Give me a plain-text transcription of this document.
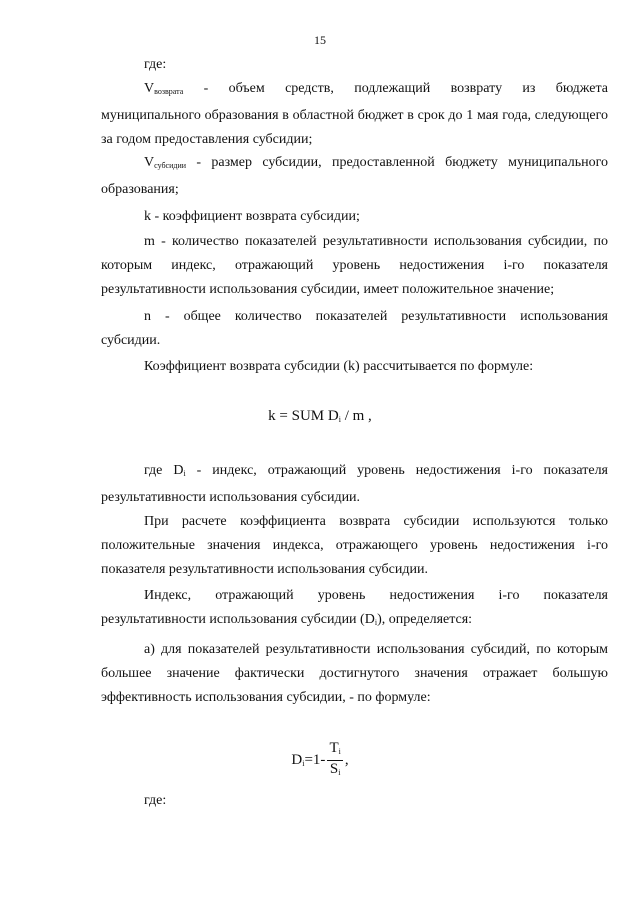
15
где:
$V_{возврата}$ - объем средств, подлежащий возврату из бюджета
муниципального образования в областной бюджет в срок до 1 мая года, следующего за годом предоставления субсидии;
$V_{субсидии}$ - размер субсидии, предоставленной бюджету муниципального
образования;
k - коэффициент возврата субсидии;
m - количество показателей результативности использования субсидии, по которым индекс, отражающий уровень недостижения i-го показателя результативности использования субсидии, имеет положительное значение;
n - общее количество показателей результативности использования субсидии.
Коэффициент возврата субсидии (k) рассчитывается по формуле:
k = SUM $D_i$ / m ,
где $D_i$ - индекс, отражающий уровень недостижения i-го показателя
результативности использования субсидии.
При расчете коэффициента возврата субсидии используются только положительные значения индекса, отражающего уровень недостижения i-го показателя результативности использования субсидии.
Индекс, отражающий уровень недостижения i-го показателя
результативности использования субсидии $(D_i)$, определяется:
а) для показателей результативности использования субсидий, по которым большее значение фактически достигнутого значения отражает большую эффективность использования субсидии, - по формуле:
$D_i=1- \frac{T_i}{S_i}$ ,
где:
